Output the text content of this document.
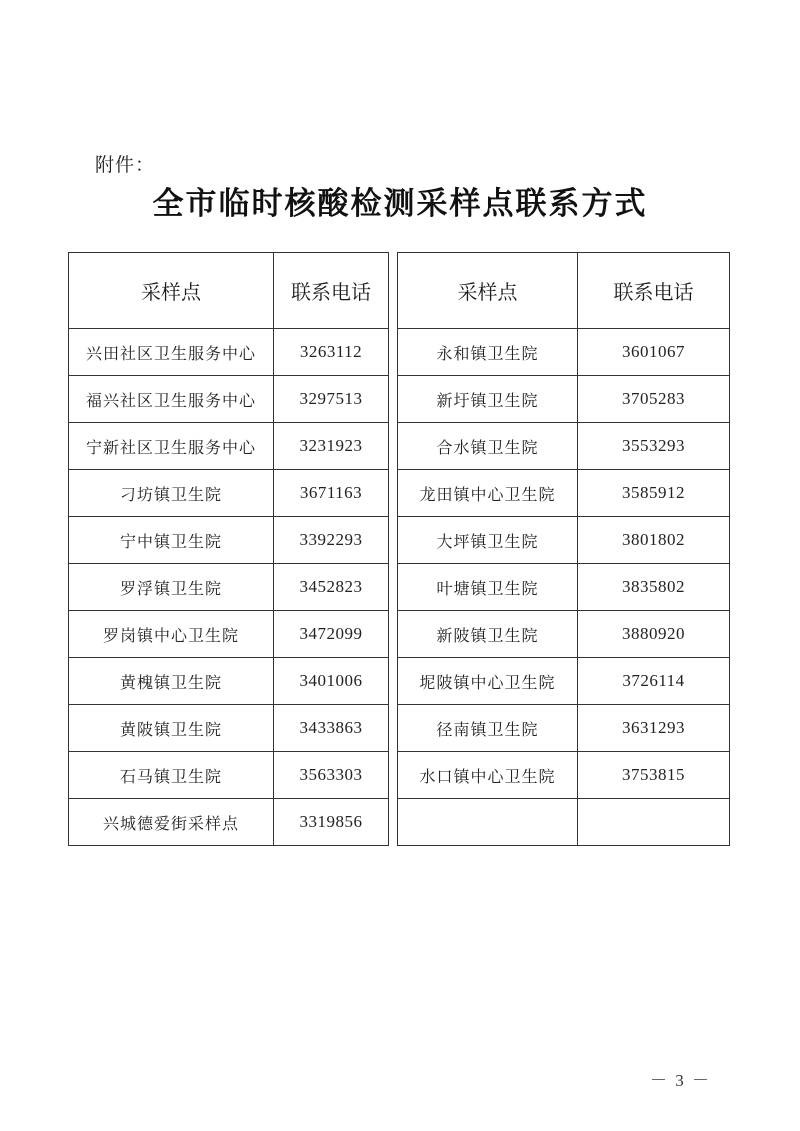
附件：
全市临时核酸检测采样点联系方式
采样点	联系电话
兴田社区卫生服务中心	3263112
福兴社区卫生服务中心	3297513
宁新社区卫生服务中心	3231923
刁坊镇卫生院	3671163
宁中镇卫生院	3392293
罗浮镇卫生院	3452823
罗岗镇中心卫生院	3472099
黄槐镇卫生院	3401006
黄陂镇卫生院	3433863
石马镇卫生院	3563303
兴城德爱街采样点	3319856
采样点	联系电话
永和镇卫生院	3601067
新圩镇卫生院	3705283
合水镇卫生院	3553293
龙田镇中心卫生院	3585912
大坪镇卫生院	3801802
叶塘镇卫生院	3835802
新陂镇卫生院	3880920
坭陂镇中心卫生院	3726114
径南镇卫生院	3631293
水口镇中心卫生院	3753815

－ 3 －
